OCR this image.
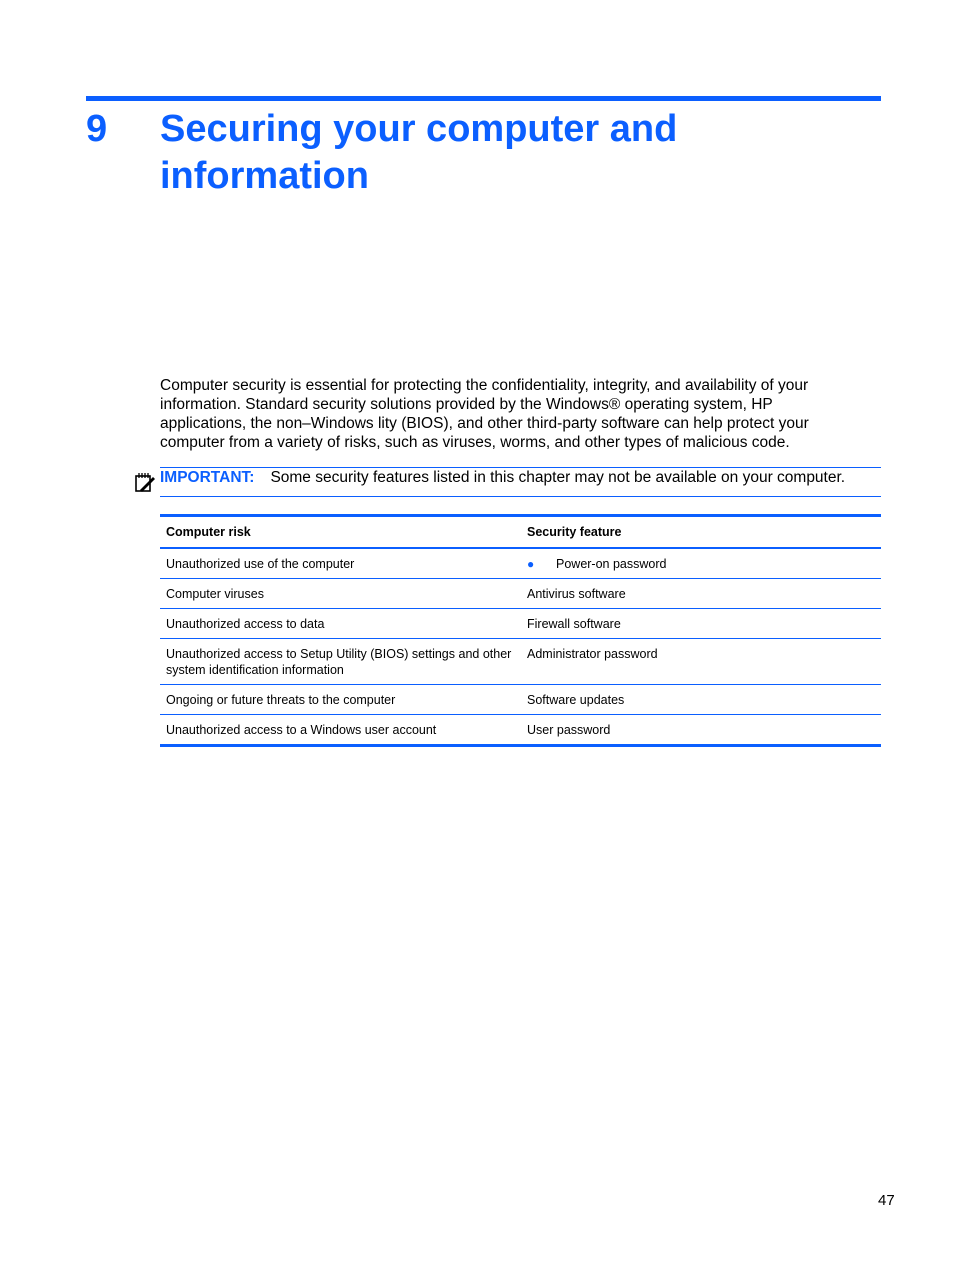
9 Securing your computer and information

Computer security is essential for protecting the confidentiality, integrity, and availability of your information. Standard security solutions provided by the Windows® operating system, HP applications, the non–Windows lity (BIOS), and other third-party software can help protect your computer from a variety of risks, such as viruses, worms, and other types of malicious code.

IMPORTANT: Some security features listed in this chapter may not be available on your computer.
Computer risk	Security feature
Unauthorized use of the computer	● Power-on password
Computer viruses	Antivirus software
Unauthorized access to data	Firewall software
Unauthorized access to Setup Utility (BIOS) settings and other system identification information	Administrator password
Ongoing or future threats to the computer	Software updates
Unauthorized access to a Windows user account	User password
47
